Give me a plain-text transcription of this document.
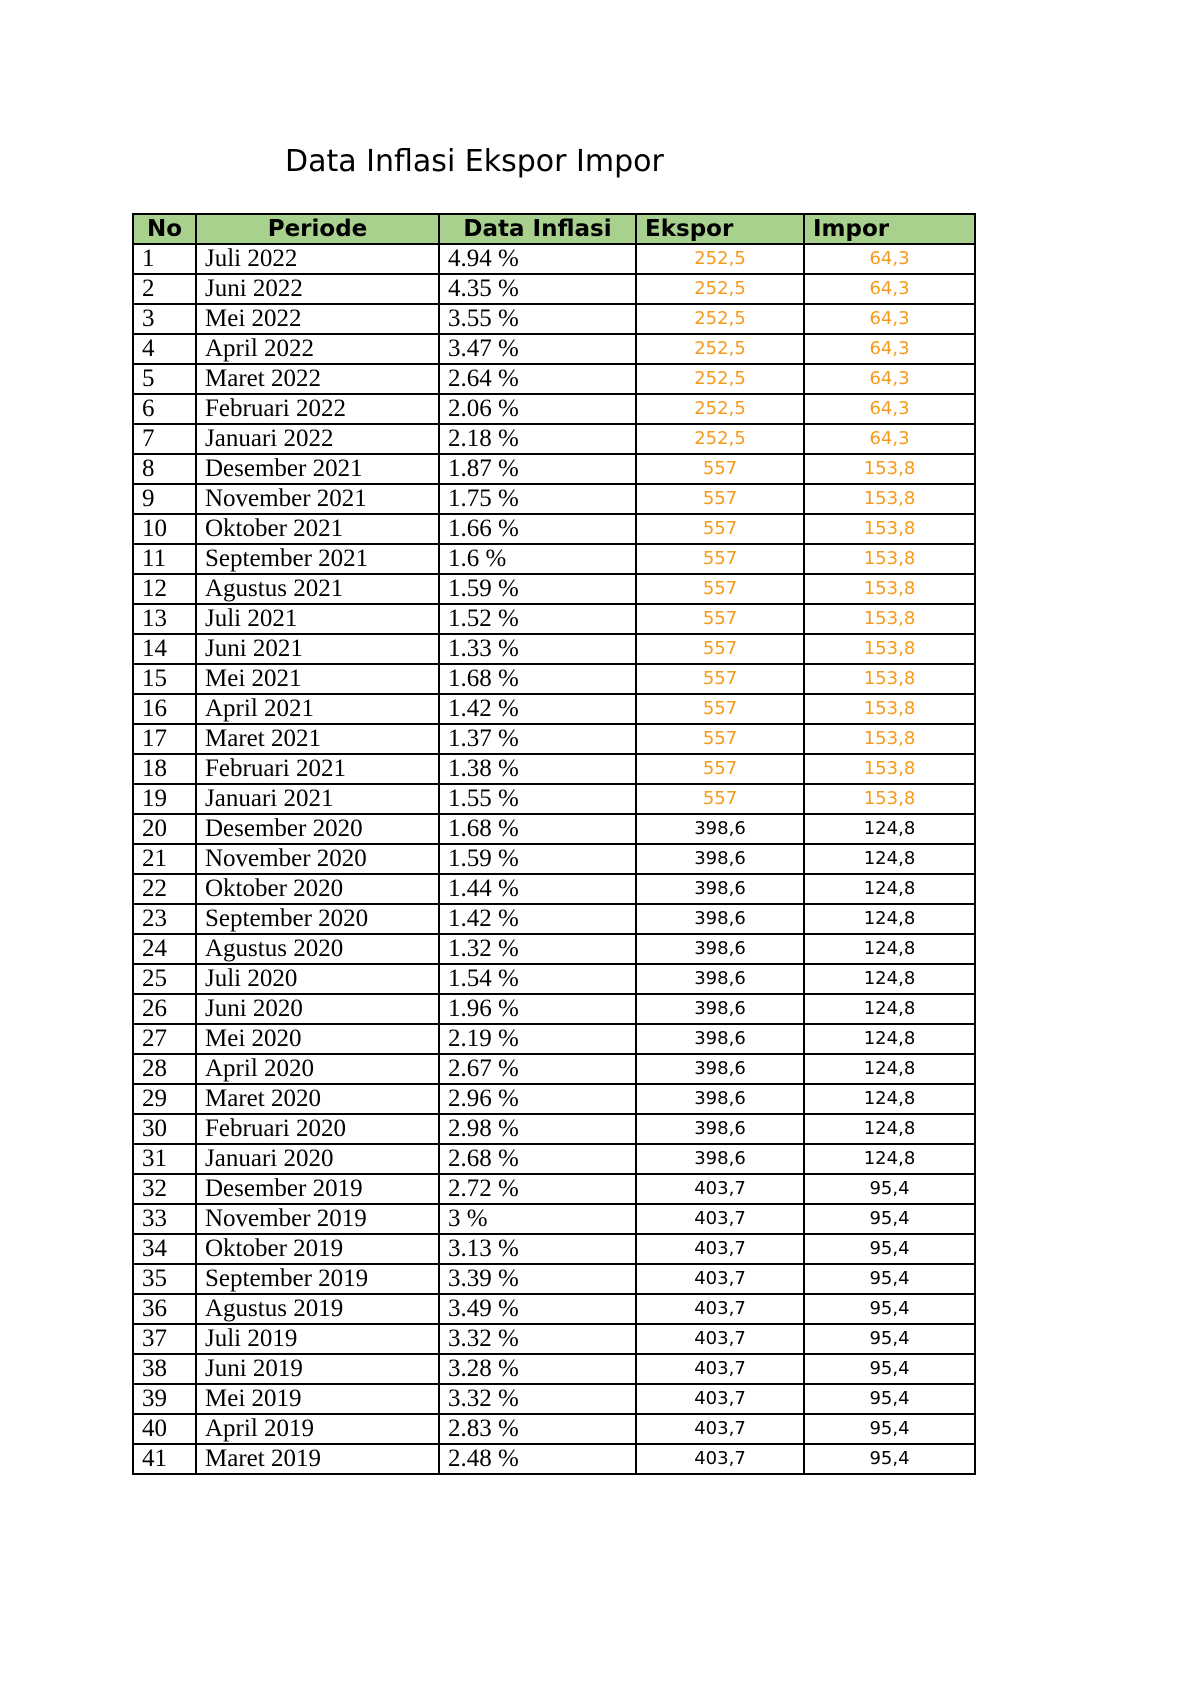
Data Inflasi Ekspor Impor
No	Periode	Data Inflasi	Ekspor	Impor
1	Juli 2022	4.94 %	252,5	64,3
2	Juni 2022	4.35 %	252,5	64,3
3	Mei 2022	3.55 %	252,5	64,3
4	April 2022	3.47 %	252,5	64,3
5	Maret 2022	2.64 %	252,5	64,3
6	Februari 2022	2.06 %	252,5	64,3
7	Januari 2022	2.18 %	252,5	64,3
8	Desember 2021	1.87 %	557	153,8
9	November 2021	1.75 %	557	153,8
10	Oktober 2021	1.66 %	557	153,8
11	September 2021	1.6 %	557	153,8
12	Agustus 2021	1.59 %	557	153,8
13	Juli 2021	1.52 %	557	153,8
14	Juni 2021	1.33 %	557	153,8
15	Mei 2021	1.68 %	557	153,8
16	April 2021	1.42 %	557	153,8
17	Maret 2021	1.37 %	557	153,8
18	Februari 2021	1.38 %	557	153,8
19	Januari 2021	1.55 %	557	153,8
20	Desember 2020	1.68 %	398,6	124,8
21	November 2020	1.59 %	398,6	124,8
22	Oktober 2020	1.44 %	398,6	124,8
23	September 2020	1.42 %	398,6	124,8
24	Agustus 2020	1.32 %	398,6	124,8
25	Juli 2020	1.54 %	398,6	124,8
26	Juni 2020	1.96 %	398,6	124,8
27	Mei 2020	2.19 %	398,6	124,8
28	April 2020	2.67 %	398,6	124,8
29	Maret 2020	2.96 %	398,6	124,8
30	Februari 2020	2.98 %	398,6	124,8
31	Januari 2020	2.68 %	398,6	124,8
32	Desember 2019	2.72 %	403,7	95,4
33	November 2019	3 %	403,7	95,4
34	Oktober 2019	3.13 %	403,7	95,4
35	September 2019	3.39 %	403,7	95,4
36	Agustus 2019	3.49 %	403,7	95,4
37	Juli 2019	3.32 %	403,7	95,4
38	Juni 2019	3.28 %	403,7	95,4
39	Mei 2019	3.32 %	403,7	95,4
40	April 2019	2.83 %	403,7	95,4
41	Maret 2019	2.48 %	403,7	95,4
